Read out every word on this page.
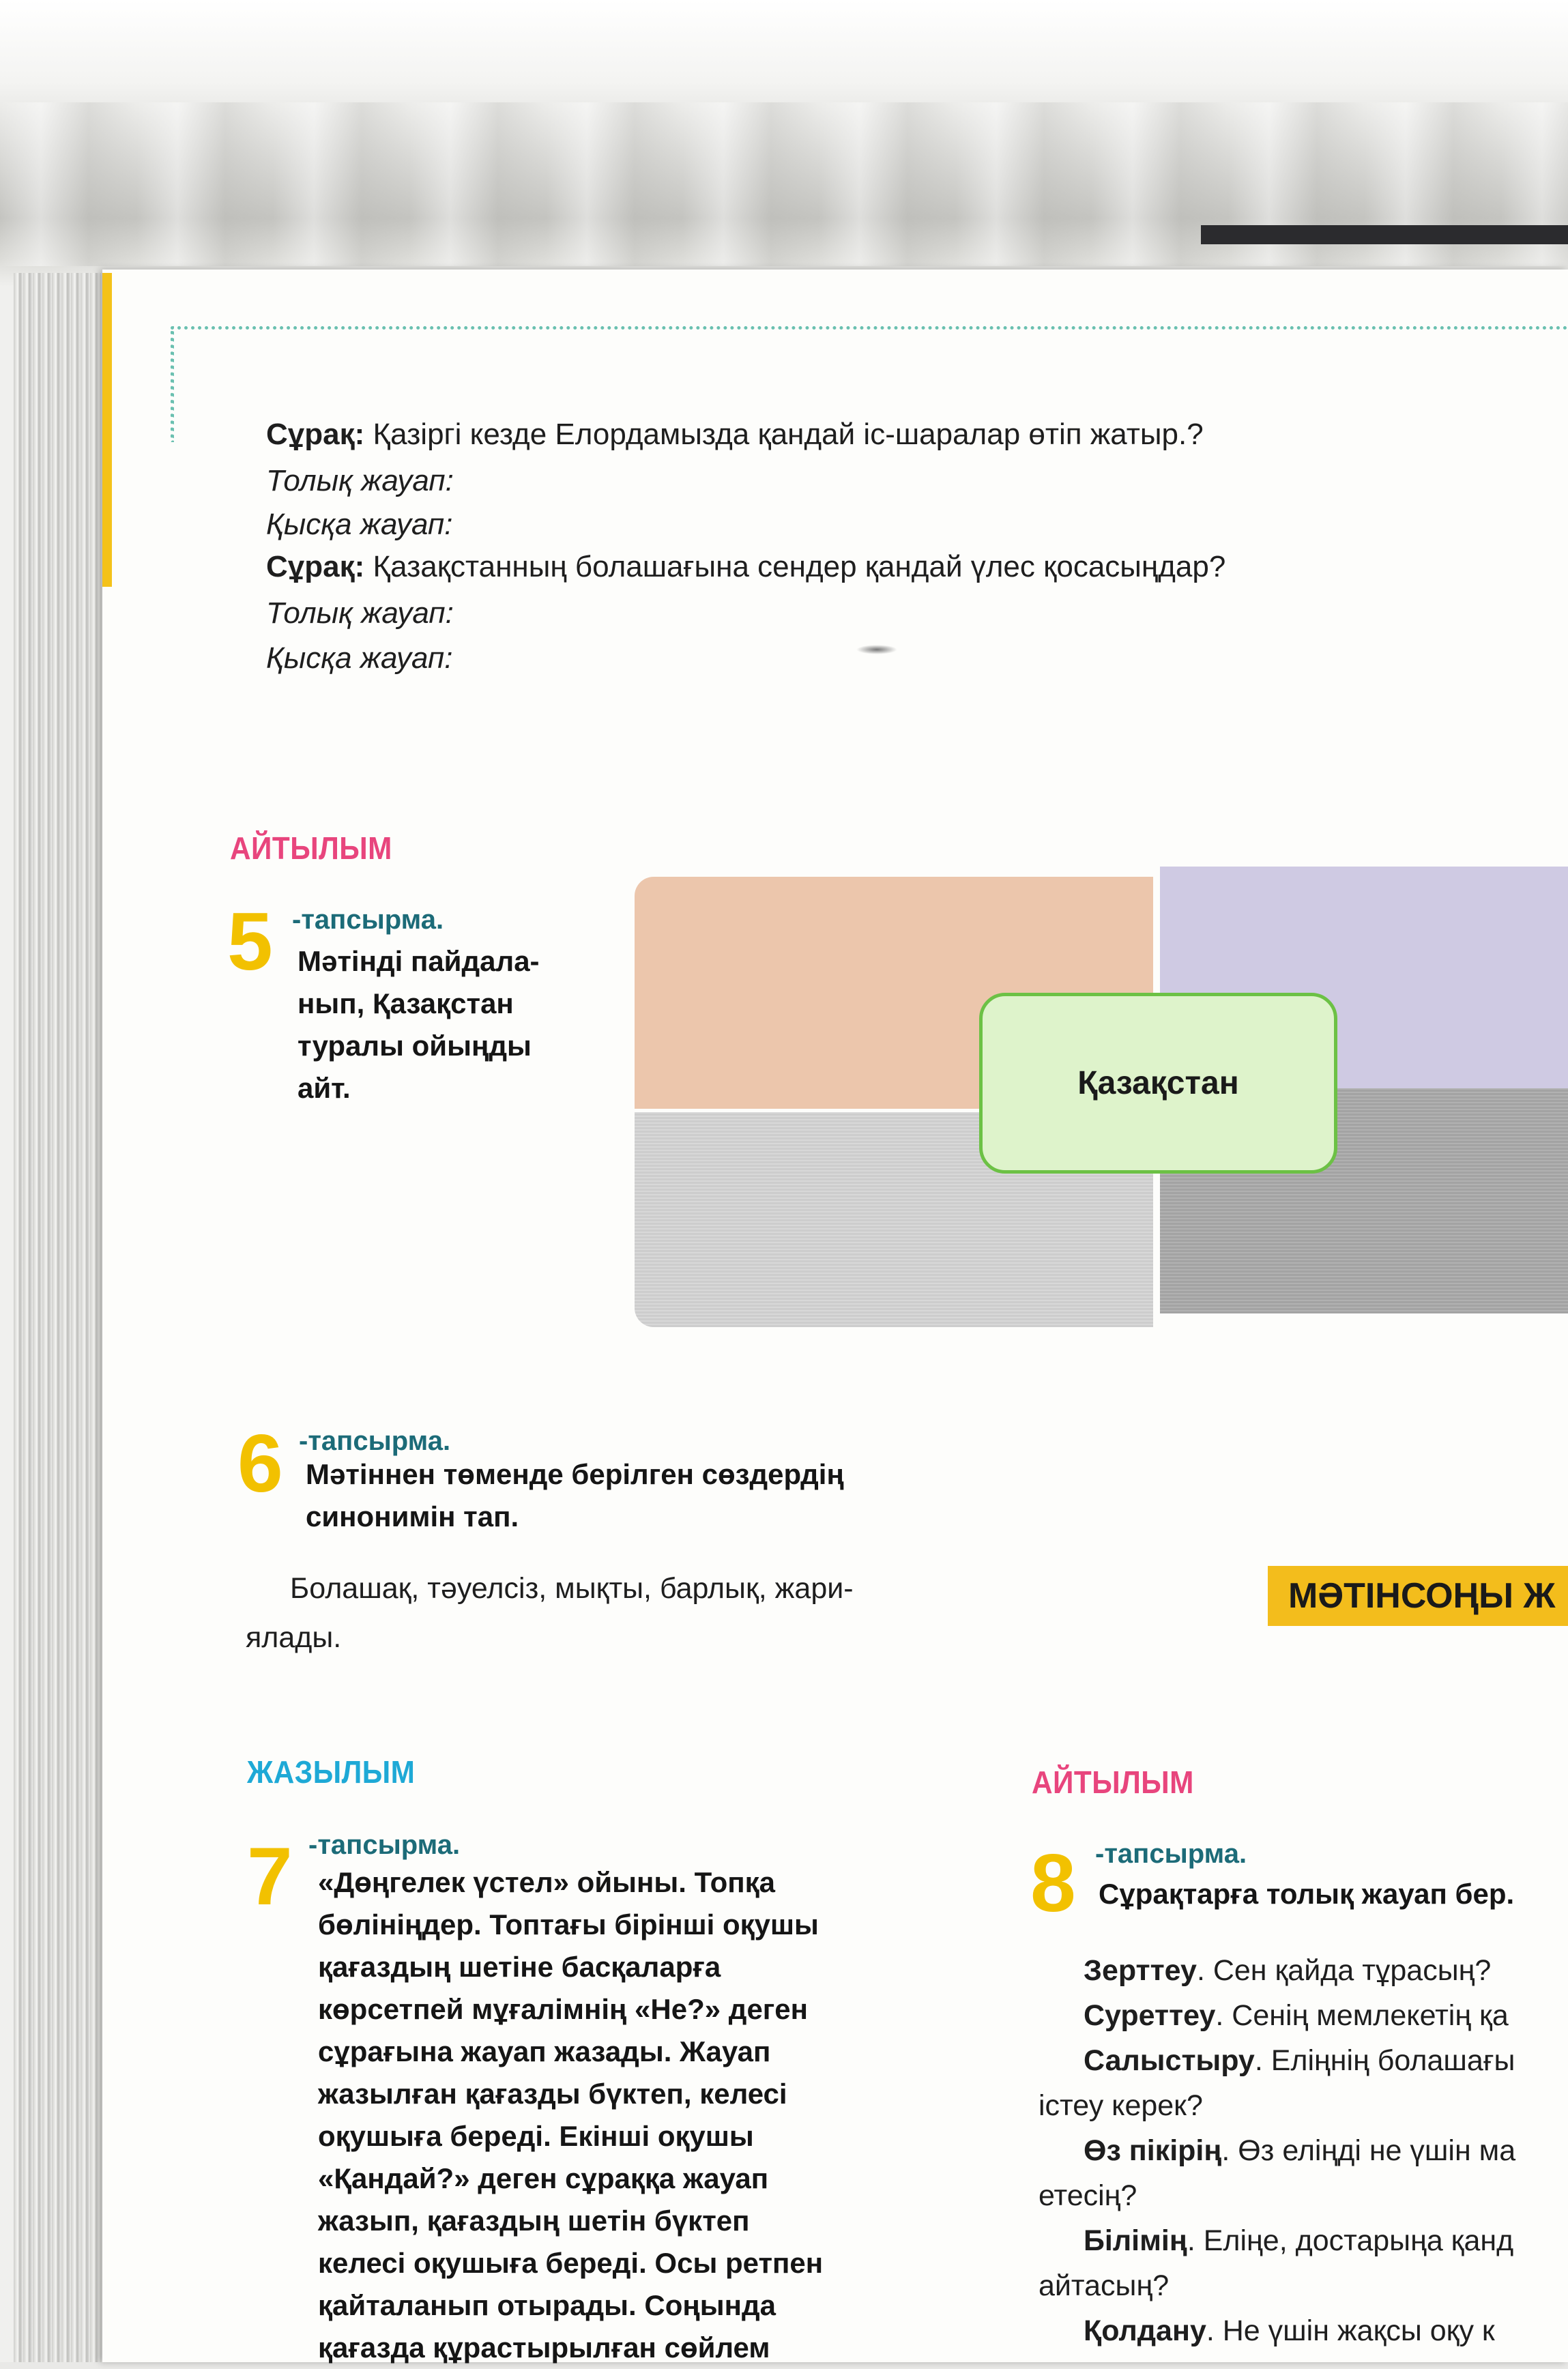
Сұрақ: Қазіргі кезде Елордамызда қандай іс-шаралар өтіп жатыр.?
Толық жауап:
Қысқа жауап:
Сұрақ: Қазақстанның болашағына сендер қандай үлес қосасыңдар?
Толық жауап:
Қысқа жауап:
АЙТЫЛЫМ
5 -тапсырма.
Мәтінді пайдала-
нып, Қазақстан
туралы ойыңды
айт.	Қазақстан
6 -тапсырма.
Мәтіннен төменде берілген сөздердің
синонимін тап.
Болашақ, тәуелсіз, мықты, барлық, жари-
ялады.
МӘТІНСОҢЫ Ж
ЖАЗЫЛЫМ
7 -тапсырма.
«Дөңгелек үстел» ойыны. Топқа
бөлініңдер. Топтағы бірінші оқушы
қағаздың шетіне басқаларға
көрсетпей мұғалімнің «Не?» деген
сұрағына жауап жазады. Жауап
жазылған қағазды бүктеп, келесі
оқушыға береді. Екінші оқушы
«Қандай?» деген сұраққа жауап
жазып, қағаздың шетін бүктеп
келесі оқушыға береді. Осы ретпен
қайталанып отырады. Соңында
қағазда құрастырылған сөйлем
АЙТЫЛЫМ
8 -тапсырма.
Сұрақтарға толық жауап бер.
Зерттеу. Сен қайда тұрасың?
Суреттеу. Сенің мемлекетің қа
Салыстыру. Еліңнің болашағы
істеу керек?
Өз пікірің. Өз еліңді не үшін ма
етесің?
Білімің. Еліңе, достарыңа қанд
айтасың?
Қолдану. Не үшін жақсы оқу к
